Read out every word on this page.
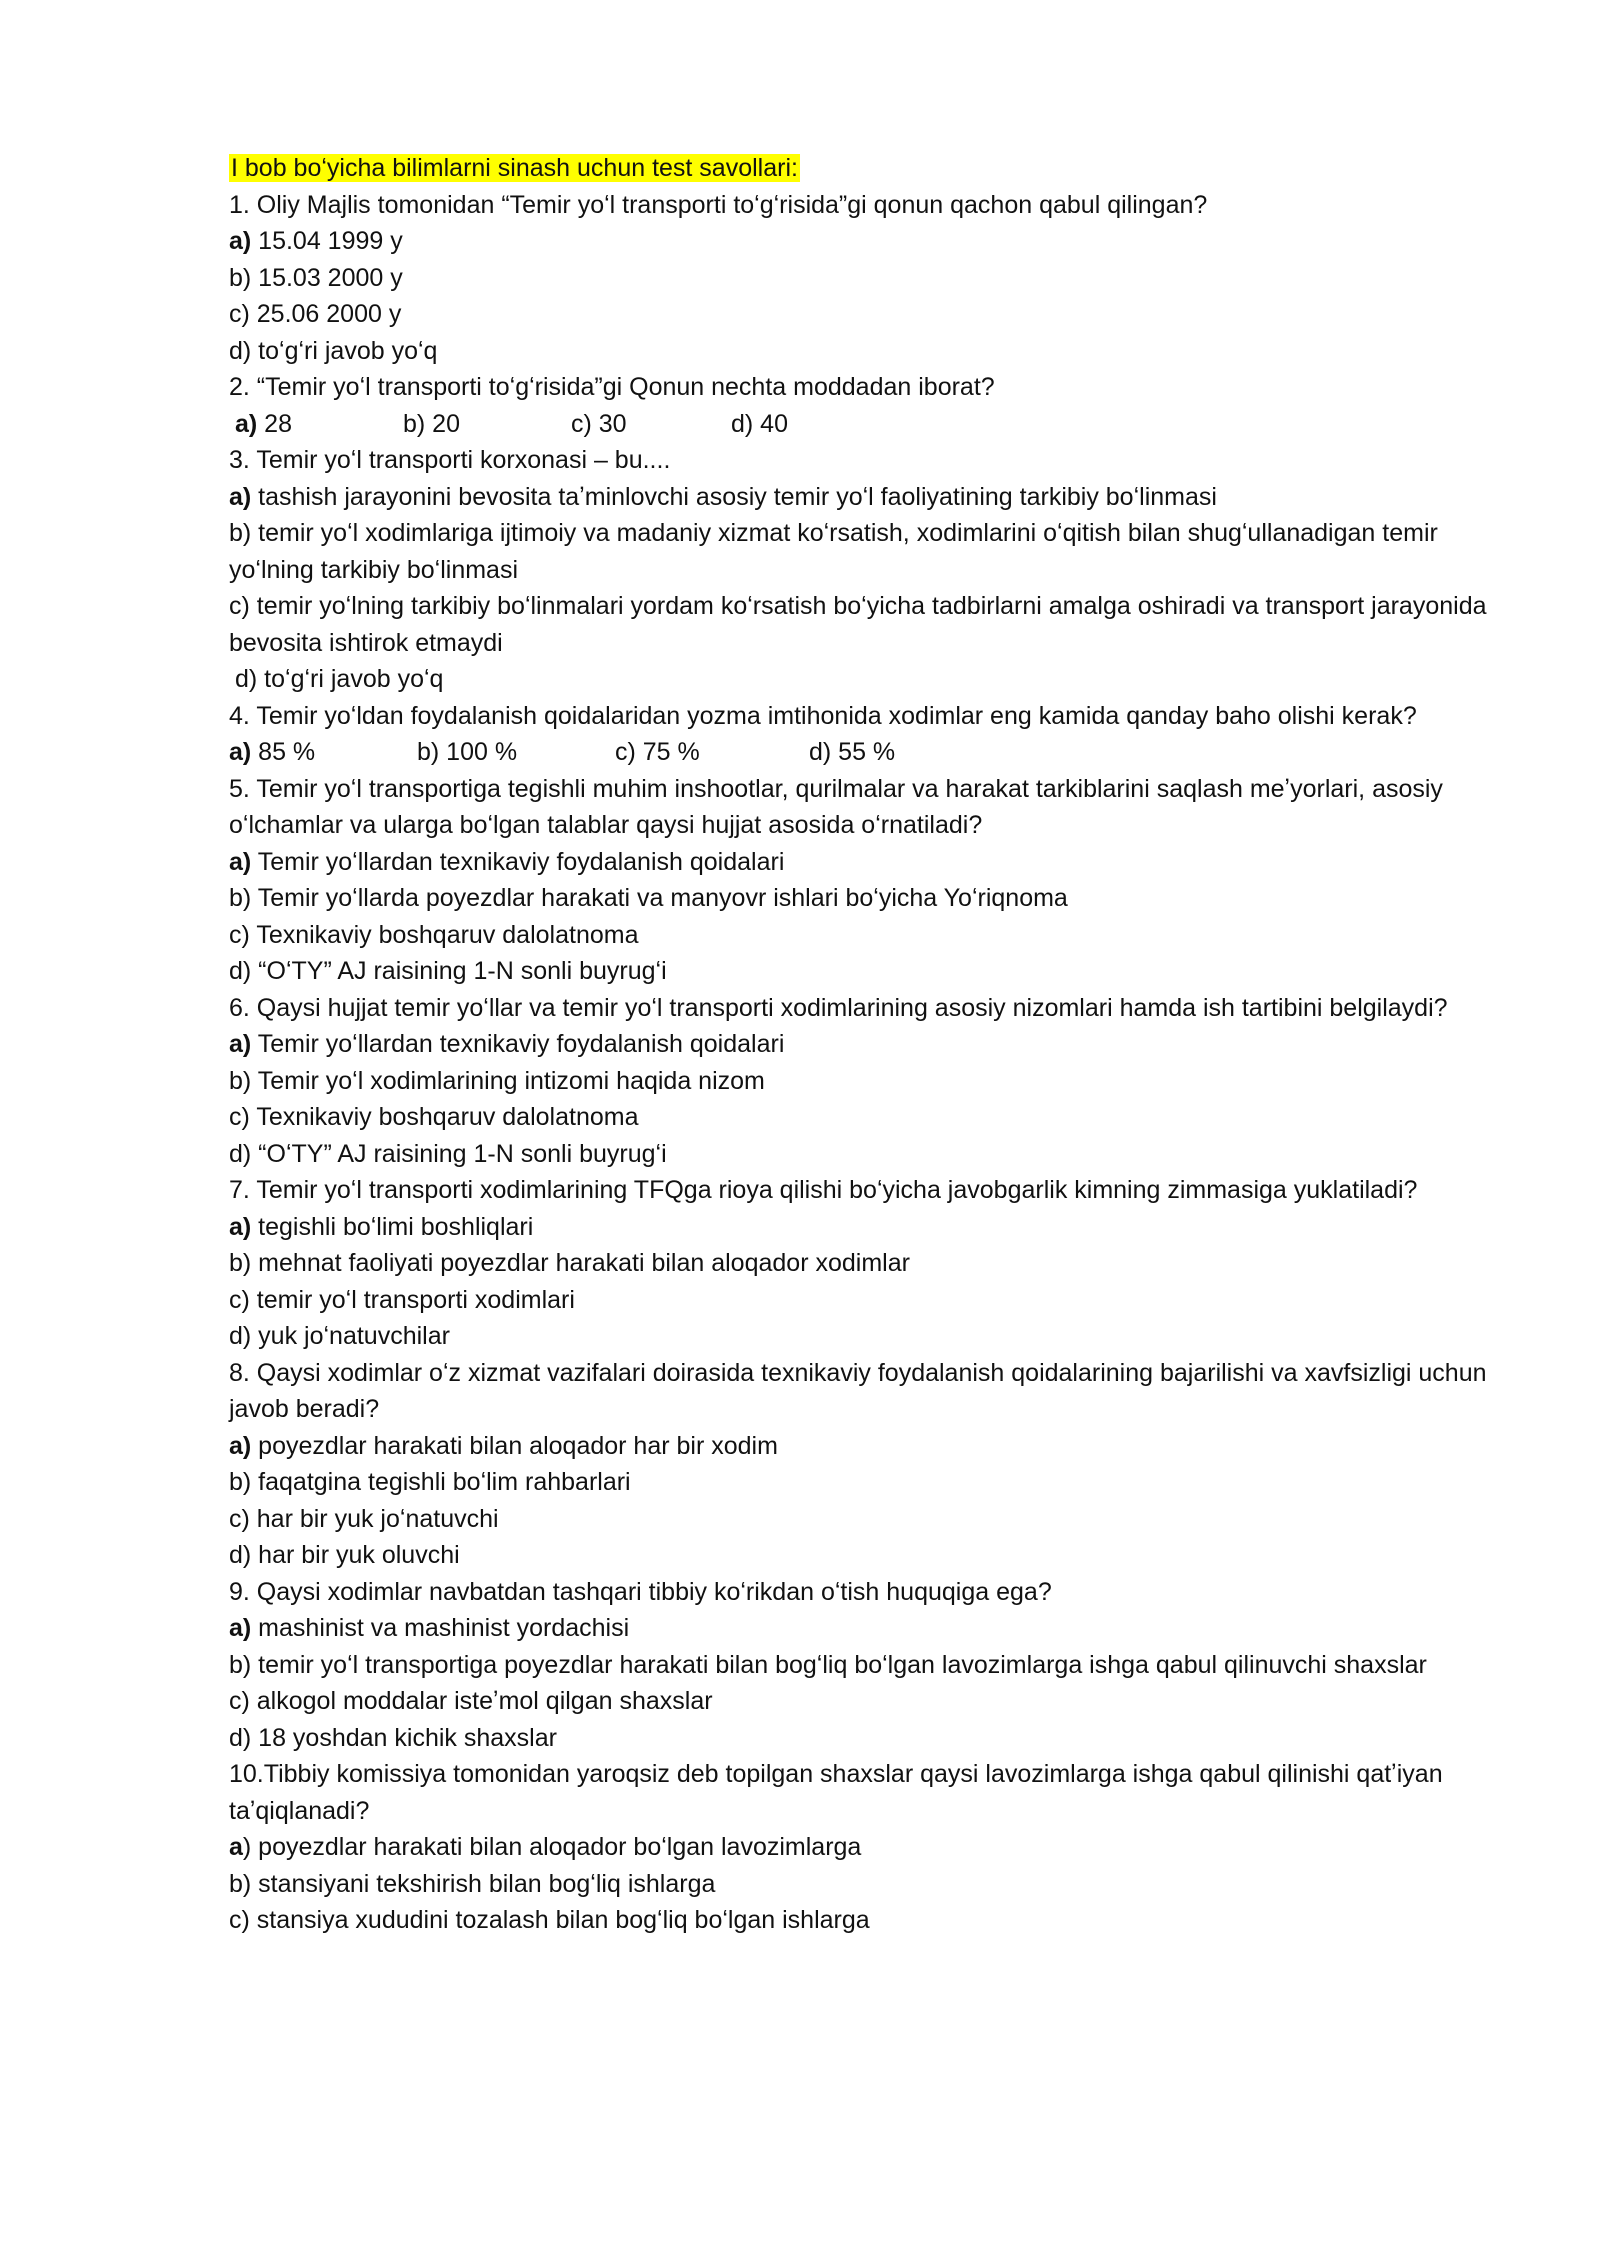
I bob boʻyicha bilimlarni sinash uchun test savollari:
1. Oliy Majlis tomonidan “Temir yoʻl transporti toʻgʻrisida”gi qonun qachon qabul qilingan?
a) 15.04 1999 y
b) 15.03 2000 y
c) 25.06 2000 y
d) toʻgʻri javob yoʻq
2. “Temir yoʻl transporti toʻgʻrisida”gi Qonun nechta moddadan iborat?
a) 28	b) 20	c) 30	d) 40
3. Temir yoʻl transporti korxonasi – bu....
a) tashish jarayonini bevosita taʼminlovchi asosiy temir yoʻl faoliyatining tarkibiy boʻlinmasi
b) temir yoʻl xodimlariga ijtimoiy va madaniy xizmat koʻrsatish, xodimlarini oʻqitish bilan shugʻullanadigan temir yoʻlning tarkibiy boʻlinmasi
c) temir yoʻlning tarkibiy boʻlinmalari yordam koʻrsatish boʻyicha tadbirlarni amalga oshiradi va transport jarayonida bevosita ishtirok etmaydi
d) toʻgʻri javob yoʻq
4. Temir yoʻldan foydalanish qoidalaridan yozma imtihonida xodimlar eng kamida qanday baho olishi kerak?
a) 85 %	b) 100 %	c) 75 %	d) 55 %
5. Temir yoʻl transportiga tegishli muhim inshootlar, qurilmalar va harakat tarkiblarini saqlash meʼyorlari, asosiy oʻlchamlar va ularga boʻlgan talablar qaysi hujjat asosida oʻrnatiladi?
a) Temir yoʻllardan texnikaviy foydalanish qoidalari
b) Temir yoʻllarda poyezdlar harakati va manyovr ishlari boʻyicha Yoʻriqnoma
c) Texnikaviy boshqaruv dalolatnoma
d) “OʻTY” AJ raisining 1-N sonli buyrugʻi
6. Qaysi hujjat temir yoʻllar va temir yoʻl transporti xodimlarining asosiy nizomlari hamda ish tartibini belgilaydi?
a) Temir yoʻllardan texnikaviy foydalanish qoidalari
b) Temir yoʻl xodimlarining intizomi haqida nizom
c) Texnikaviy boshqaruv dalolatnoma
d) “OʻTY” AJ raisining 1-N sonli buyrugʻi
7. Temir yoʻl transporti xodimlarining TFQga rioya qilishi boʻyicha javobgarlik kimning zimmasiga yuklatiladi?
a) tegishli boʻlimi boshliqlari
b) mehnat faoliyati poyezdlar harakati bilan aloqador xodimlar
c) temir yoʻl transporti xodimlari
d) yuk joʻnatuvchilar
8. Qaysi xodimlar oʻz xizmat vazifalari doirasida texnikaviy foydalanish qoidalarining bajarilishi va xavfsizligi uchun javob beradi?
a) poyezdlar harakati bilan aloqador har bir xodim
b) faqatgina tegishli boʻlim rahbarlari
c) har bir yuk joʻnatuvchi
d) har bir yuk oluvchi
9. Qaysi xodimlar navbatdan tashqari tibbiy koʻrikdan oʻtish huquqiga ega?
a) mashinist va mashinist yordachisi
b) temir yoʻl transportiga poyezdlar harakati bilan bogʻliq boʻlgan lavozimlarga ishga qabul qilinuvchi shaxslar
c) alkogol moddalar isteʼmol qilgan shaxslar
d) 18 yoshdan kichik shaxslar
10.Tibbiy komissiya tomonidan yaroqsiz deb topilgan shaxslar qaysi lavozimlarga ishga qabul qilinishi qatʼiyan taʼqiqlanadi?
a) poyezdlar harakati bilan aloqador boʻlgan lavozimlarga
b) stansiyani tekshirish bilan bogʻliq ishlarga
c) stansiya xududini tozalash bilan bogʻliq boʻlgan ishlarga
